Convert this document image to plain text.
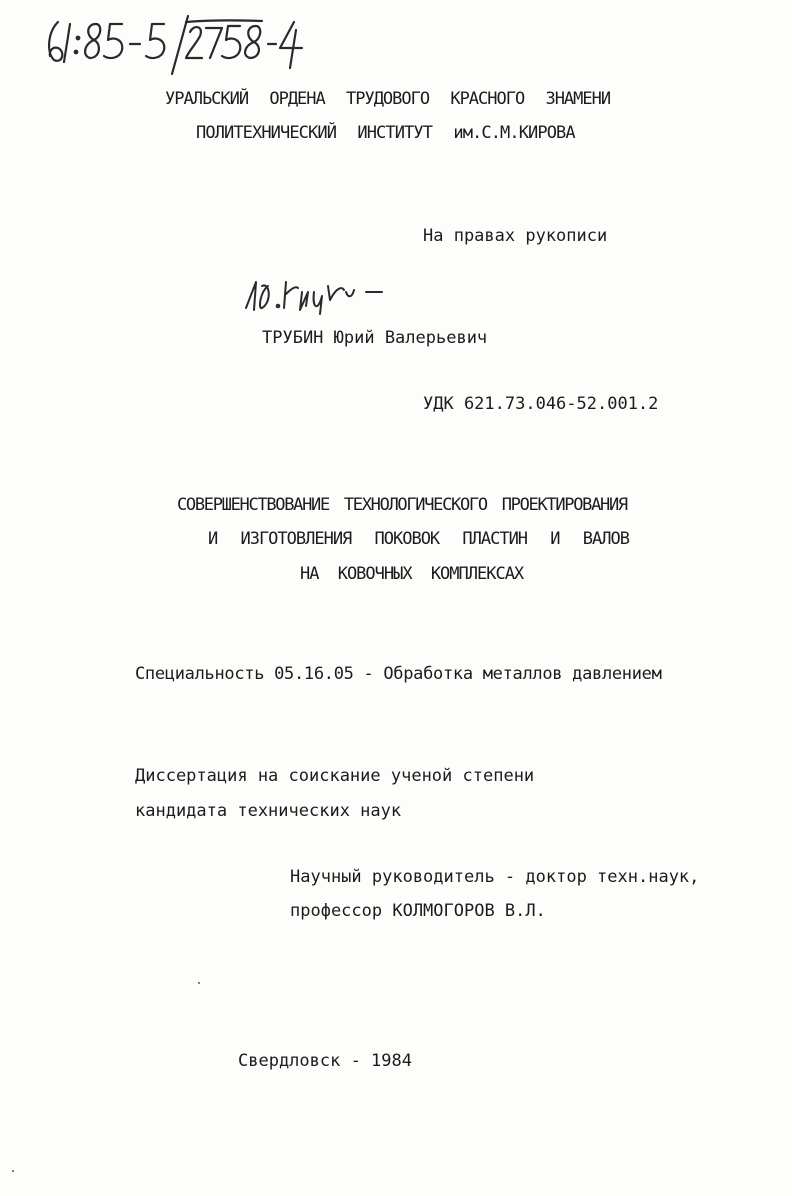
УРАЛЬСКИЙ ОРДЕНА ТРУДОВОГО КРАСНОГО ЗНАМЕНИ
ПОЛИТЕХНИЧЕСКИЙ ИНСТИТУТ им.С.М.КИРОВА
На правах рукописи
ТРУБИН Юрий Валерьевич
УДК 621.73.046-52.001.2
СОВЕРШЕНСТВОВАНИЕ ТЕХНОЛОГИЧЕСКОГО ПРОЕКТИРОВАНИЯ
И ИЗГОТОВЛЕНИЯ ПОКОВОК ПЛАСТИН И ВАЛОВ
НА КОВОЧНЫХ КОМПЛЕКСАХ
Специальность 05.16.05 - Обработка металлов давлением
Диссертация на соискание ученой степени
кандидата технических наук
Научный руководитель - доктор техн.наук,
профессор КОЛМОГОРОВ В.Л.
Свердловск - 1984
